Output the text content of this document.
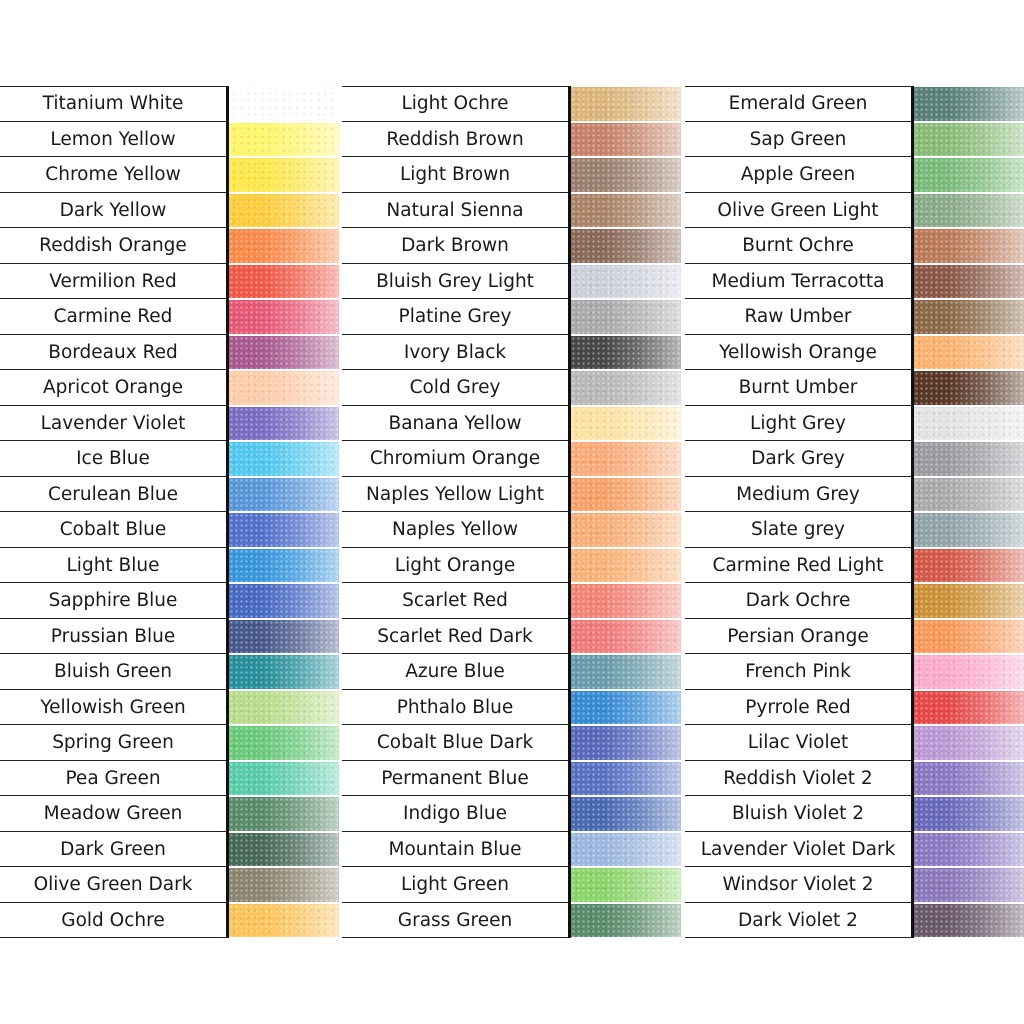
Titanium White
Lemon Yellow
Chrome Yellow
Dark Yellow
Reddish Orange
Vermilion Red
Carmine Red
Bordeaux Red
Apricot Orange
Lavender Violet
Ice Blue
Cerulean Blue
Cobalt Blue
Light Blue
Sapphire Blue
Prussian Blue
Bluish Green
Yellowish Green
Spring Green
Pea Green
Meadow Green
Dark Green
Olive Green Dark
Gold Ochre
Light Ochre
Reddish Brown
Light Brown
Natural Sienna
Dark Brown
Bluish Grey Light
Platine Grey
Ivory Black
Cold Grey
Banana Yellow
Chromium Orange
Naples Yellow Light
Naples Yellow
Light Orange
Scarlet Red
Scarlet Red Dark
Azure Blue
Phthalo Blue
Cobalt Blue Dark
Permanent Blue
Indigo Blue
Mountain Blue
Light Green
Grass Green
Emerald Green
Sap Green
Apple Green
Olive Green Light
Burnt Ochre
Medium Terracotta
Raw Umber
Yellowish Orange
Burnt Umber
Light Grey
Dark Grey
Medium Grey
Slate grey
Carmine Red Light
Dark Ochre
Persian Orange
French Pink
Pyrrole Red
Lilac Violet
Reddish Violet 2
Bluish Violet 2
Lavender Violet Dark
Windsor Violet 2
Dark Violet 2
